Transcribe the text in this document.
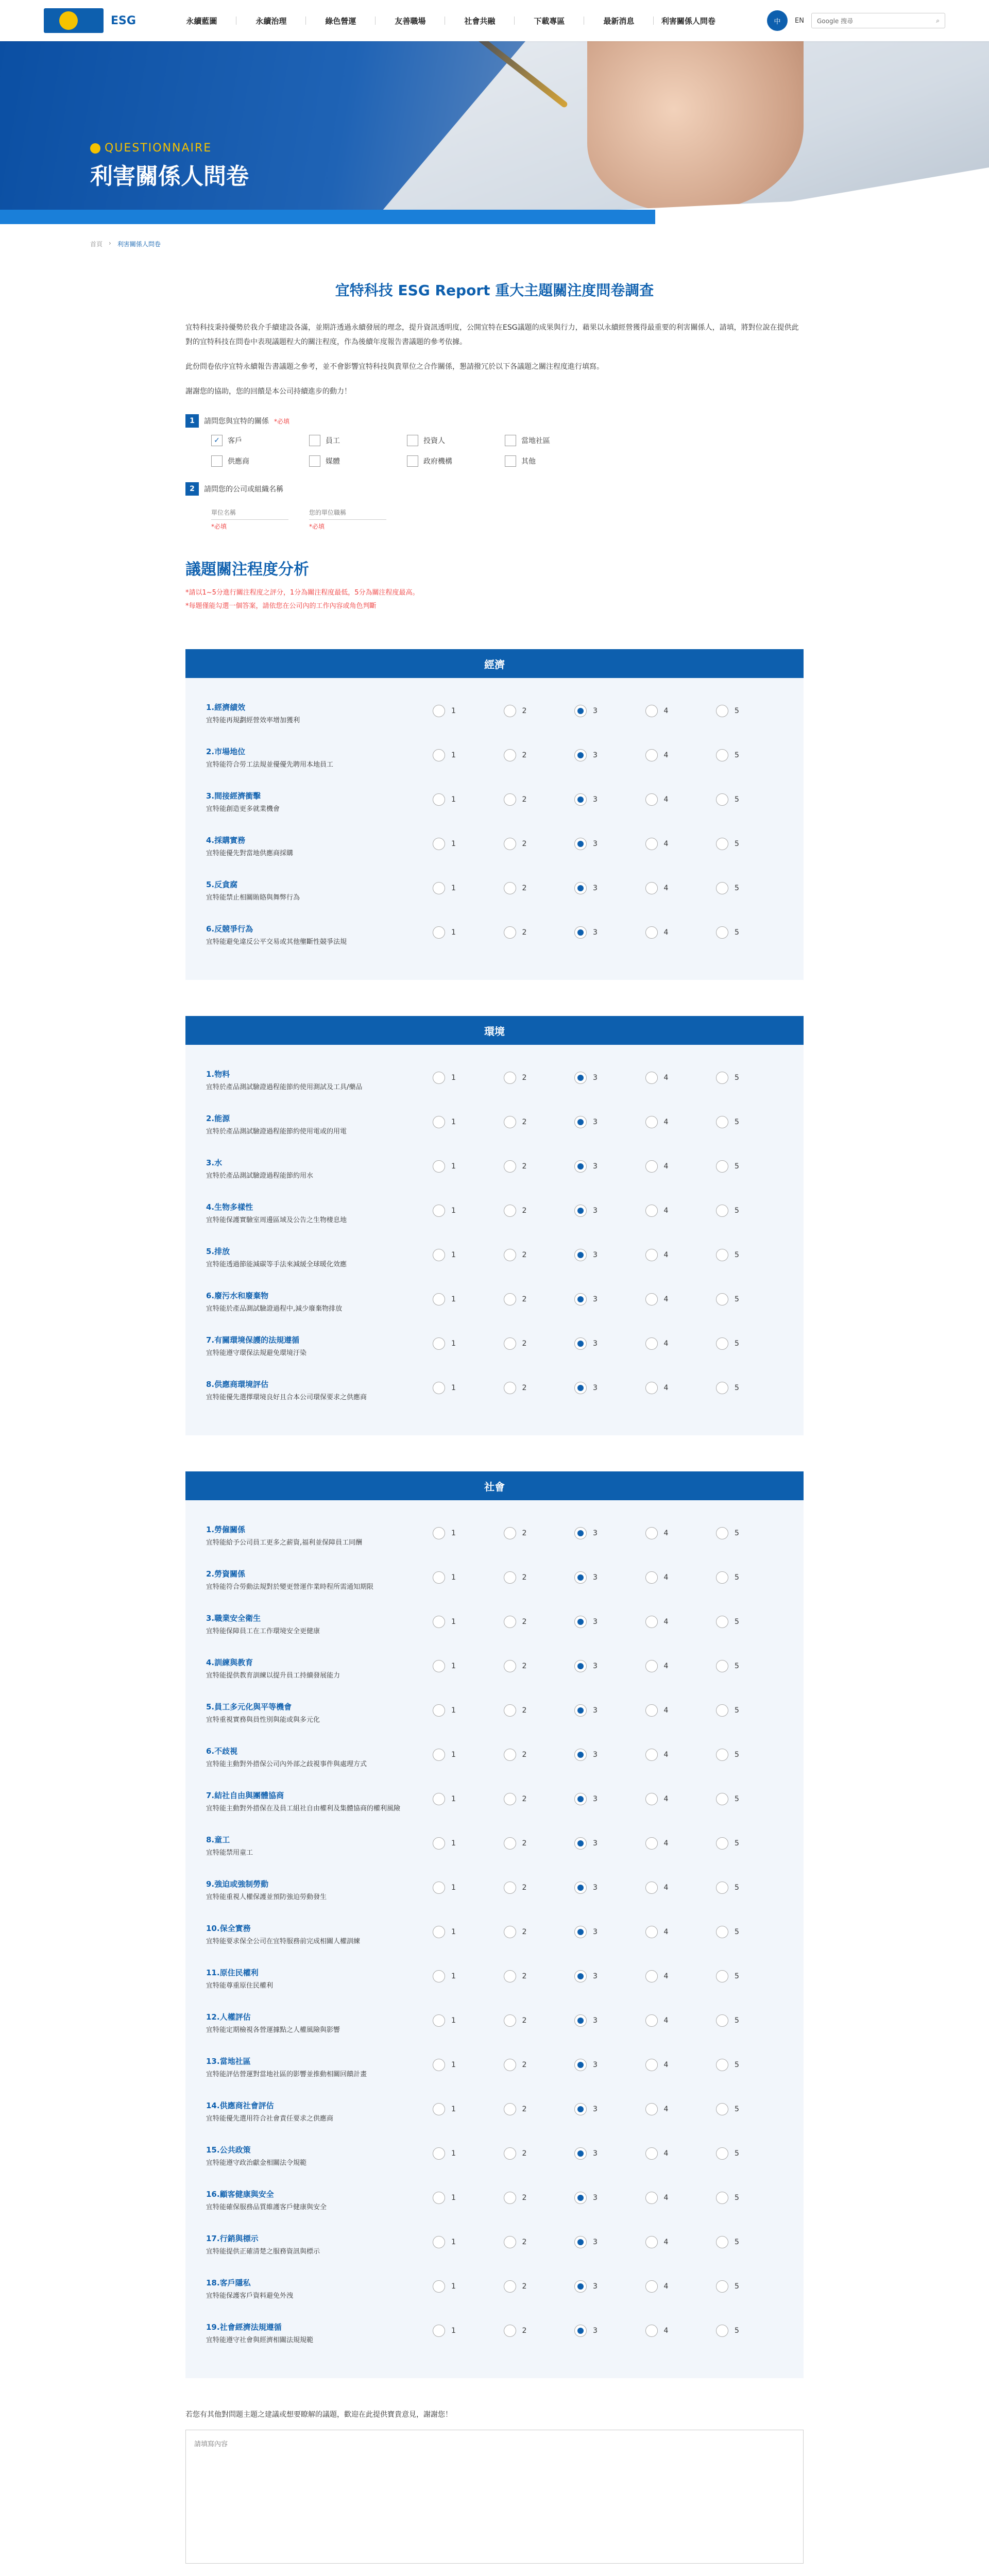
ESG	永續藍圖	永續治理	綠色營運	友善職場	社會共融	下載專區	最新消息	利害關係人問卷	中	EN Google 搜尋	⌕
QUESTIONNAIRE
利害關係人問卷
首頁 › 利害關係人問卷
宜特科技 ESG Report 重大主題關注度問卷調查

宜特科技秉持優勢於我介手續建設各滿，並期許透過永續發展的理念，提升資訊透明度，公開宜特在ESG議題的成果與行力，藉果以永續經營獲得最重要的利害關係人，請填，將對位說在提供此對的宜特科技在問卷中表現議題程大的關注程度，作為後續年度報告書議題的參考依據。

此份問卷依序宜特永續報告書議題之參考，並不會影響宜特科技與貴單位之合作關係，懇請撥冗於以下各議題之關注程度進行填寫。

謝謝您的協助，您的回饋是本公司持續進步的動力！

1	請問您與宜特的關係 *必填
✓	客戶	員工	投資人	當地社區
供應商	媒體	政府機構	其他
2	請問您的公司或組織名稱
單位名稱
*必填
您的單位職稱	*必填
議題關注程度分析
*請以1~5分進行關注程度之評分，1分為關注程度最低，5分為關注程度最高。
*每題僅能勾選一個答案，請依您在公司內的工作內容或角色判斷
經濟
1.經濟績效
宜特能再規劃經營效率增加獲利
1	2	3	4	5
2.市場地位
宜特能符合勞工法規並優優先聘用本地員工
1	2	3	4	5
3.間接經濟衝擊
宜特能創造更多就業機會
1	2	3	4	5
4.採購實務
宜特能優先對當地供應商採購
1	2	3	4	5
5.反貪腐
宜特能禁止相關賄賂與舞弊行為
1	2	3	4	5
6.反競爭行為
宜特能避免違反公平交易或其他壟斷性競爭法規
1	2	3	4	5
環境
1.物料
宜特於產品測試驗證過程能節約使用測試及工具/藥品
1	2	3	4	5
2.能源
宜特於產品測試驗證過程能節約使用電或的用電
1	2	3	4	5
3.水
宜特於產品測試驗證過程能節約用水
1	2	3	4	5
4.生物多樣性
宜特能保護實驗室周邊區域及公告之生物棲息地
1	2	3	4	5
5.排放
宜特能透過節能減碳等手法來減緩全球暖化效應
1	2	3	4	5
6.廢污水和廢棄物
宜特能於產品測試驗證過程中,減少廢棄物排放
1	2	3	4	5
7.有關環境保護的法規遵循
宜特能遵守環保法規避免環境汙染
1	2	3	4	5
8.供應商環境評估
宜特能優先選擇環境良好且合本公司環保要求之供應商
1	2	3	4	5
社會
1.勞僱關係
宜特能給予公司員工更多之薪資,福利並保障員工同酬
1	2	3	4	5
2.勞資關係
宜特能符合勞動法規對於變更營運作業時程所需通知期限
1	2	3	4	5
3.職業安全衛生
宜特能保障員工在工作環境安全更健康
1	2	3	4	5
4.訓練與教育
宜特能提供教育訓練以提升員工持續發展能力
1	2	3	4	5
5.員工多元化與平等機會
宜特重視實務與員性別與能或與多元化
1	2	3	4	5
6.不歧視
宜特能主動對外措保公司內外部之歧視事件與處理方式
1	2	3	4	5
7.結社自由與團體協商
宜特能主動對外措保在及員工組社自由權利及集體協商的權利風險
1	2	3	4	5
8.童工
宜特能禁用童工
1	2	3	4	5
9.強迫或強制勞動
宜特能重視人權保護並預防強迫勞動發生
1	2	3	4	5
10.保全實務
宜特能要求保全公司在宜特服務前完成相關人權訓練
1	2	3	4	5
11.原住民權利
宜特能尊重原住民權利
1	2	3	4	5
12.人權評估
宜特能定期檢視各營運據點之人權風險與影響
1	2	3	4	5
13.當地社區
宜特能評估營運對當地社區的影響並推動相關回饋計畫
1	2	3	4	5
14.供應商社會評估
宜特能優先選用符合社會責任要求之供應商
1	2	3	4	5
15.公共政策
宜特能遵守政治獻金相關法令規範
1	2	3	4	5
16.顧客健康與安全
宜特能確保服務品質維護客戶健康與安全
1	2	3	4	5
17.行銷與標示
宜特能提供正確清楚之服務資訊與標示
1	2	3	4	5
18.客戶隱私
宜特能保護客戶資料避免外洩
1	2	3	4	5
19.社會經濟法規遵循
宜特能遵守社會與經濟相關法規規範
1	2	3	4	5
若您有其他對問題主題之建議或想要瞭解的議題，歡迎在此提供寶貴意見，謝謝您！
請填寫內容
